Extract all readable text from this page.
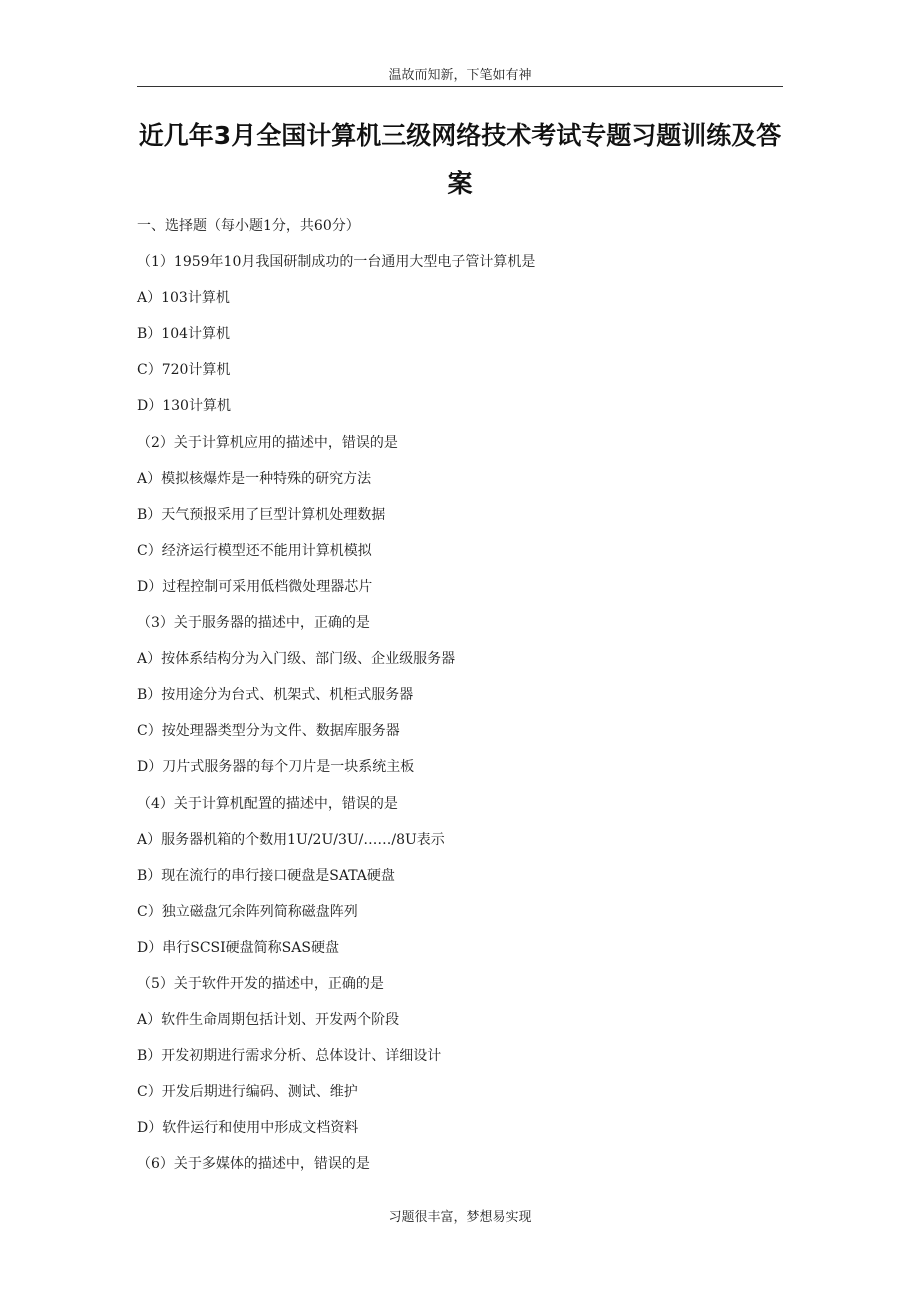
温故而知新，下笔如有神
近几年3月全国计算机三级网络技术考试专题习题训练及答案
一、选择题（每小题1分，共60分）
（1）1959年10月我国研制成功的一台通用大型电子管计算机是
A）103计算机
B）104计算机
C）720计算机
D）130计算机
（2）关于计算机应用的描述中，错误的是
A）模拟核爆炸是一种特殊的研究方法
B）天气预报采用了巨型计算机处理数据
C）经济运行模型还不能用计算机模拟
D）过程控制可采用低档微处理器芯片
（3）关于服务器的描述中，正确的是
A）按体系结构分为入门级、部门级、企业级服务器
B）按用途分为台式、机架式、机柜式服务器
C）按处理器类型分为文件、数据库服务器
D）刀片式服务器的每个刀片是一块系统主板
（4）关于计算机配置的描述中，错误的是
A）服务器机箱的个数用1U/2U/3U/……/8U表示
B）现在流行的串行接口硬盘是SATA硬盘
C）独立磁盘冗余阵列简称磁盘阵列
D）串行SCSI硬盘简称SAS硬盘
（5）关于软件开发的描述中，正确的是
A）软件生命周期包括计划、开发两个阶段
B）开发初期进行需求分析、总体设计、详细设计
C）开发后期进行编码、测试、维护
D）软件运行和使用中形成文档资料
（6）关于多媒体的描述中，错误的是
习题很丰富，梦想易实现
